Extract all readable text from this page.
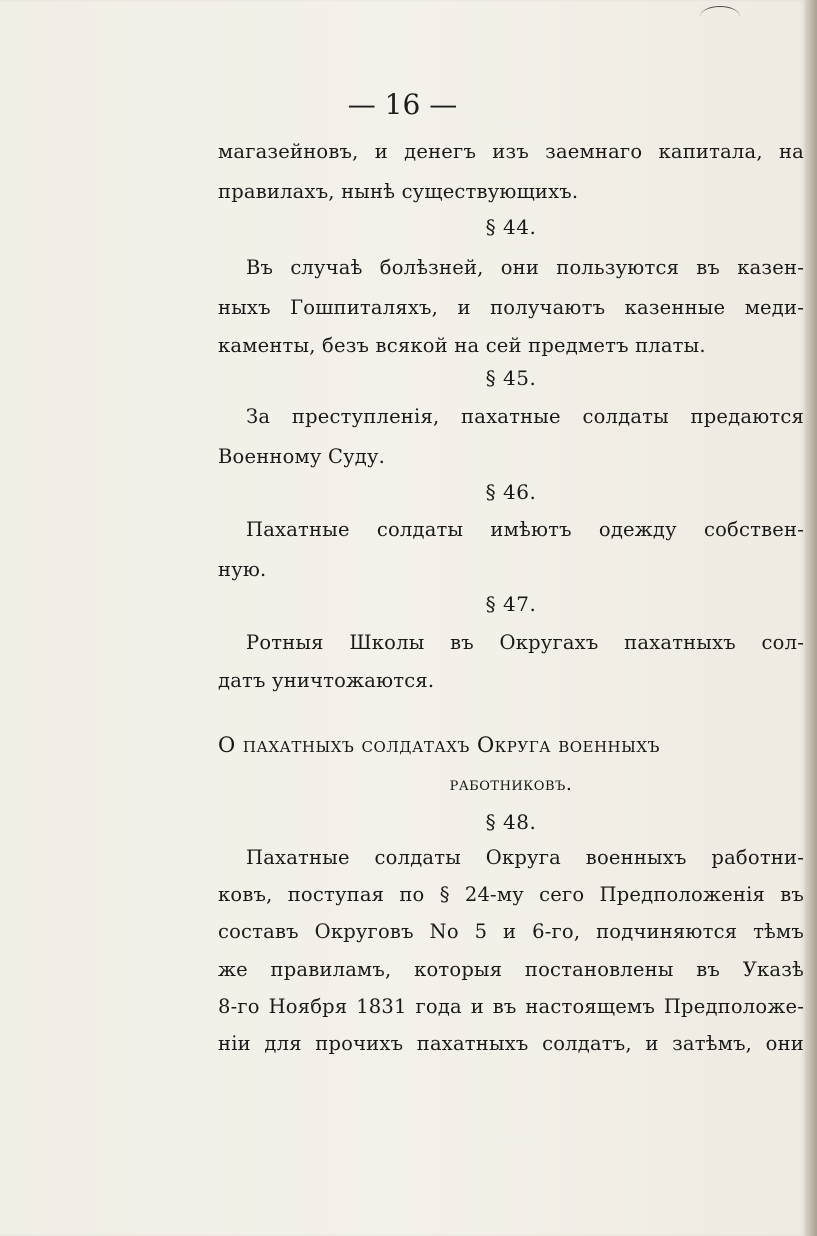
— 16 —
магазейновъ, и денегъ изъ заемнаго капитала, на
правилахъ, нынѣ существующихъ.
§ 44.
Въ случаѣ болѣзней, они пользуются въ казен-
ныхъ Гошпиталяхъ, и получаютъ казенные меди-
каменты, безъ всякой на сей предметъ платы.
§ 45.
За преступленія, пахатные солдаты предаются
Военному Суду.
§ 46.
Пахатные солдаты имѣютъ одежду собствен-
ную.
§ 47.
Ротныя Школы въ Округахъ пахатныхъ сол-
датъ уничтожаются.
О пахатныхъ солдатахъ Округа военныхъ
работниковъ.
§ 48.
Пахатные солдаты Округа военныхъ работни-
ковъ, поступая по § 24-му сего Предположенія въ
составъ Округовъ No 5 и 6-го, подчиняются тѣмъ
же правиламъ, которыя постановлены въ Указѣ
8-го Ноября 1831 года и въ настоящемъ Предположе-
ніи для прочихъ пахатныхъ солдатъ, и затѣмъ, они
